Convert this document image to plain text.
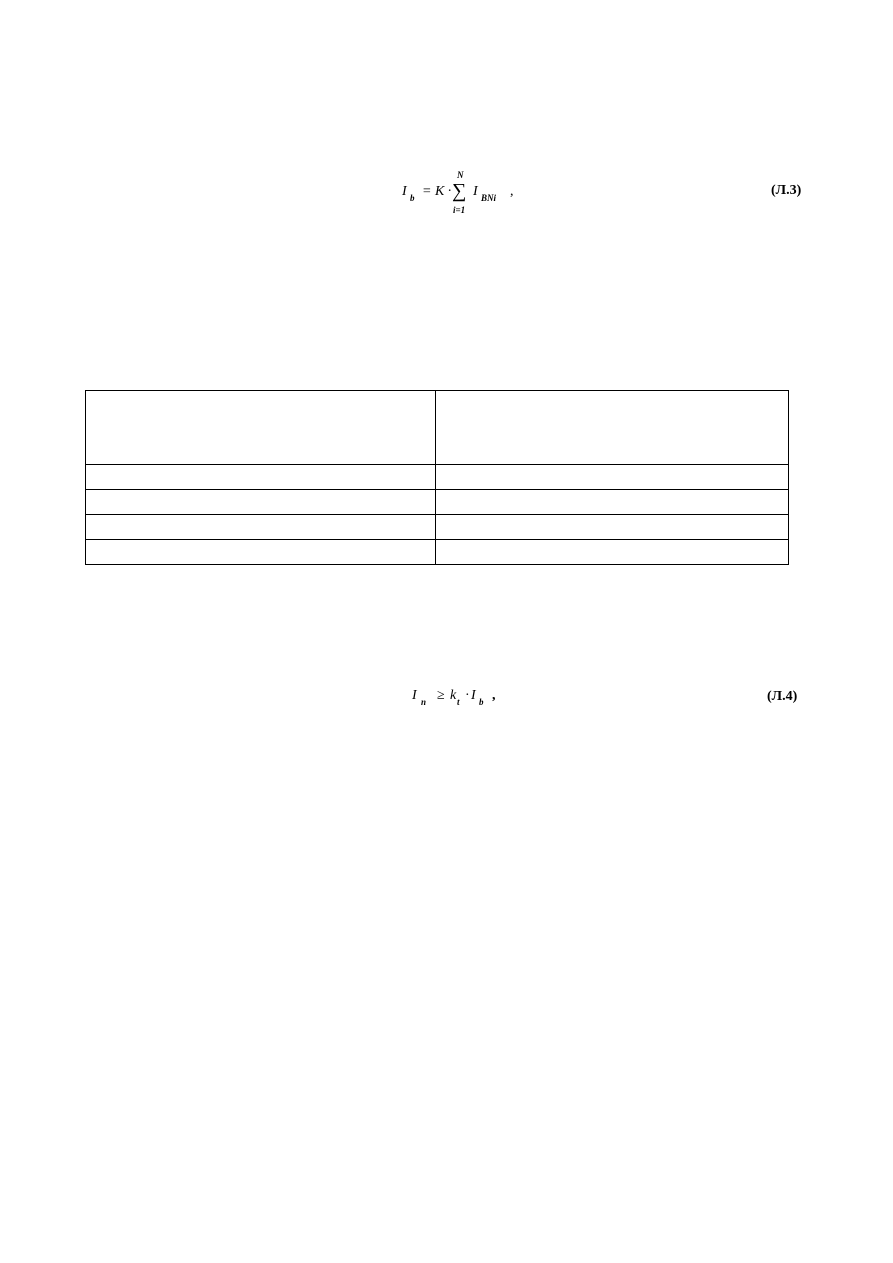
I b = K ·
N
∑
i=1
I BNi ,	(Л.3)

I n ≥ k t · I b ,	(Л.4)
